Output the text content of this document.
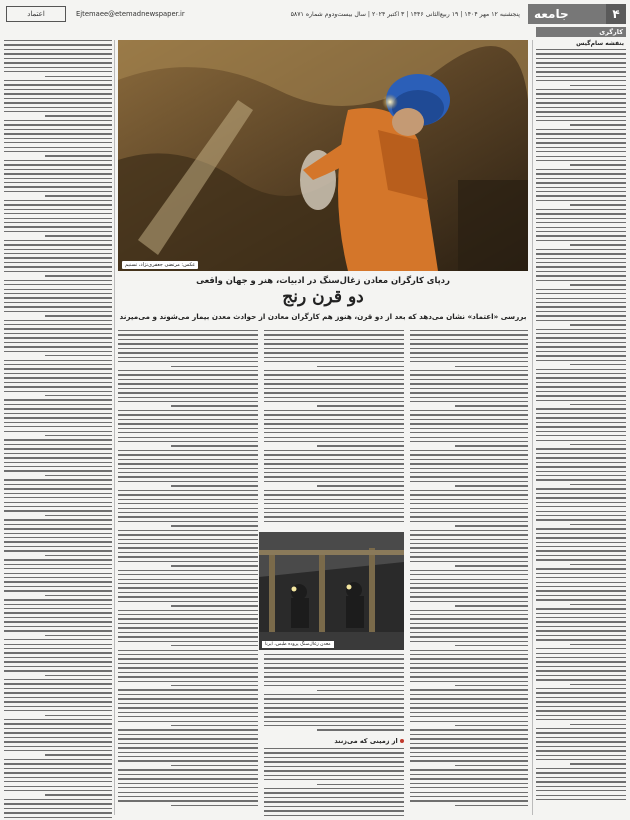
۴
جامعه
پنجشنبه ۱۲ مهر ۱۴۰۴ | ۱۹ ربیع‌الثانی ۱۴۴۶ | ۳ اکتبر ۲۰۲۴ | سال بیست‌ودوم شماره ۵۸۷۱
Ejtemaee@etemadnewspaper.ir
اعتماد
کارگری
بنفشه سام‌گیس
عکس: مرتضی جعفری‌نژاد، تسنیم
ردپای کارگران معادن زغال‌سنگ در ادبیات، هنر و جهان واقعی
دو قرن رنج
بررسی «اعتماد» نشان می‌دهد که بعد از دو قرن، هنوز هم کارگران معادن از حوادث معدن بیمار می‌شوند و می‌میرند
معدن زغال‌سنگ پروده طبس، ایرنا
از زمینی که می‌زنند
